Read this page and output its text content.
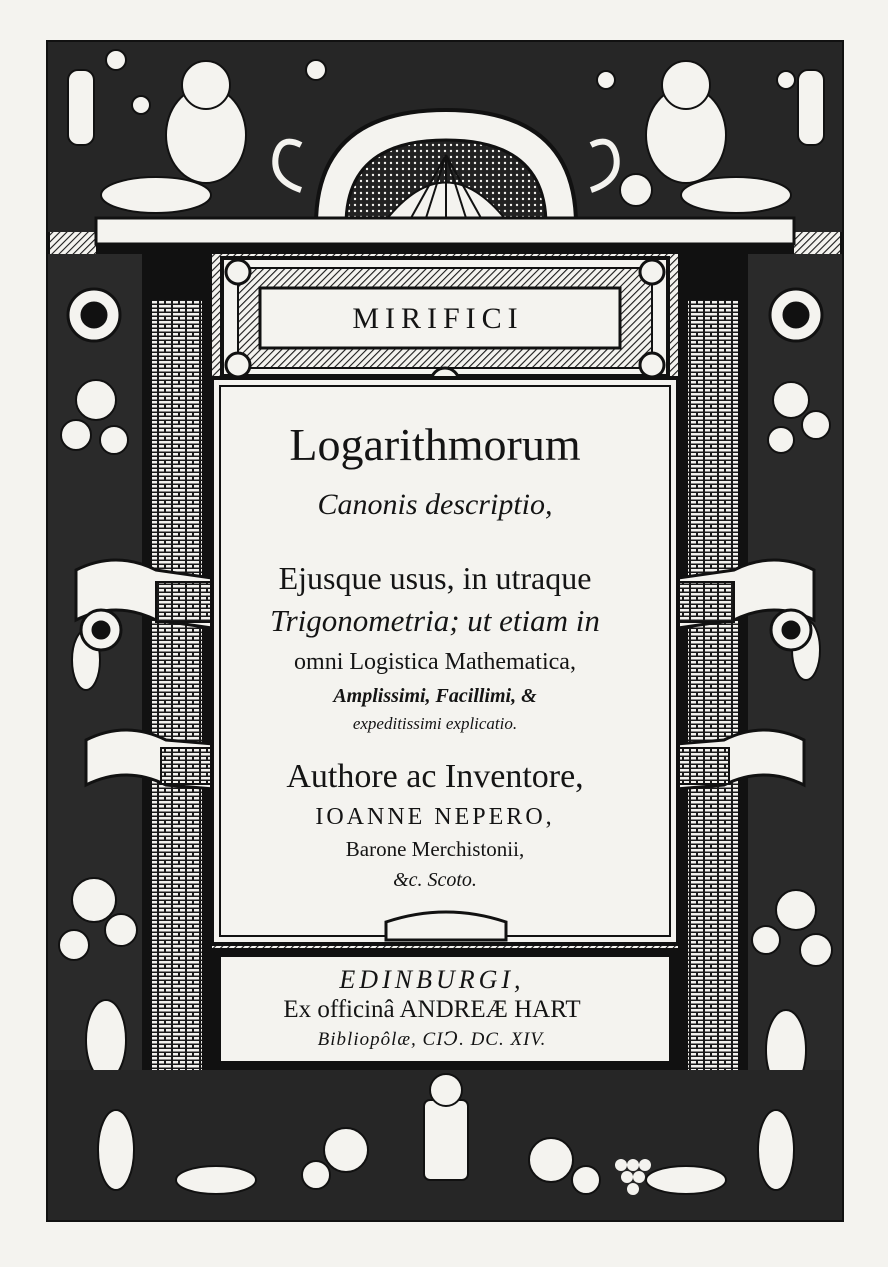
MIRIFICI
Logarithmorum
Canonis descriptio,
Ejusque usus, in utraque
Trigonometria; ut etiam in
omni Logistica Mathematica,
Amplissimi, Facillimi, &
expeditissimi explicatio.
Authore ac Inventore,
IOANNE NEPERO,
Barone Merchistonii,
&c. Scoto.
EDINBURGI,
Ex officinâ ANDREÆ HART
Bibliopôlæ, CIↃ. DC. XIV.
